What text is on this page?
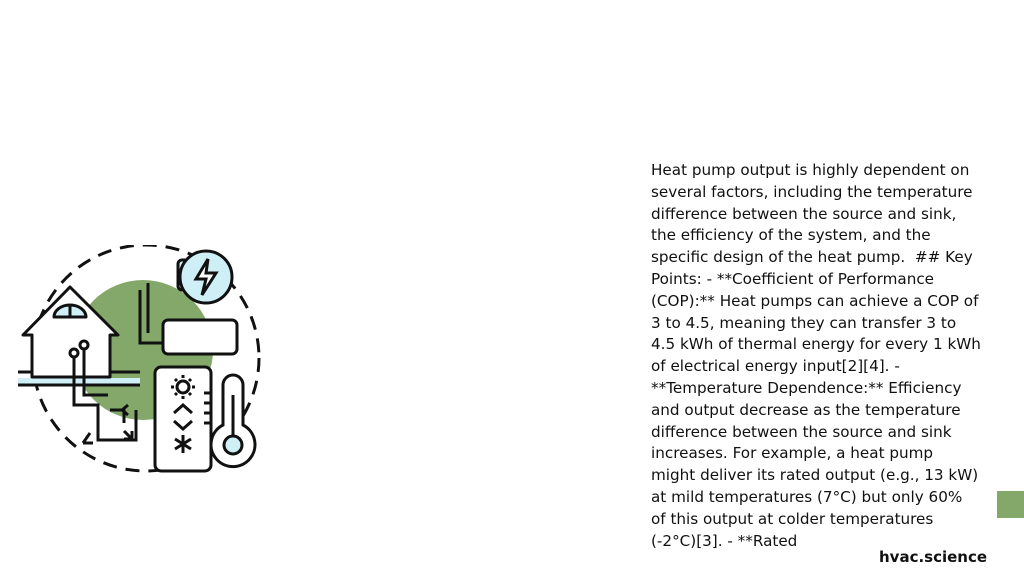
Heat pump output is highly dependent on several factors, including the temperature difference between the source and sink, the efficiency of the system, and the specific design of the heat pump.  ## Key Points: - **Coefficient of Performance (COP):** Heat pumps can achieve a COP of 3 to 4.5, meaning they can transfer 3 to 4.5 kWh of thermal energy for every 1 kWh of electrical energy input[2][4]. - **Temperature Dependence:** Efficiency and output decrease as the temperature difference between the source and sink increases. For example, a heat pump might deliver its rated output (e.g., 13 kW) at mild temperatures (7°C) but only 60% of this output at colder temperatures (-2°C)[3]. - **Rated

hvac.science
